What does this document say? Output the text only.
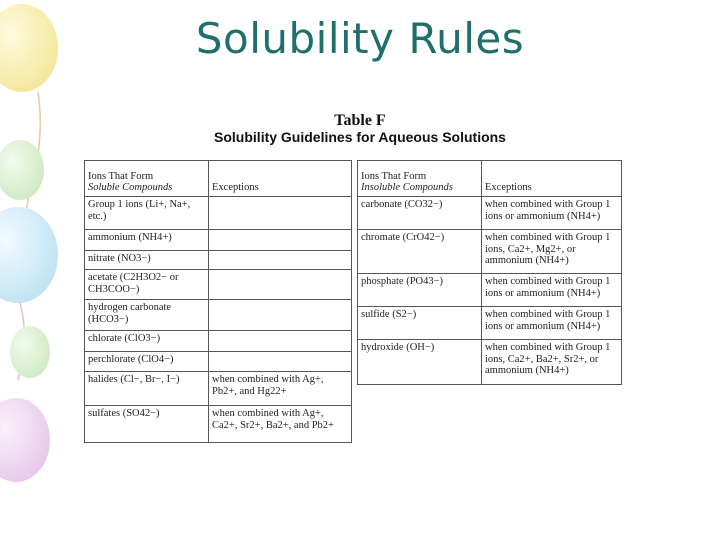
Solubility Rules
Table F
Solubility Guidelines for Aqueous Solutions
Ions That Form
Soluble Compounds	Exceptions
Group 1 ions (Li+, Na+, etc.)	
ammonium (NH4+)	
nitrate (NO3−)	
acetate (C2H3O2− or CH3COO−)	
hydrogen carbonate (HCO3−)	
chlorate (ClO3−)	
perchlorate (ClO4−)	
halides (Cl−, Br−, I−)	when combined with Ag+, Pb2+, and Hg22+
sulfates (SO42−)	when combined with Ag+, Ca2+, Sr2+, Ba2+, and Pb2+
Ions That Form
Insoluble Compounds	Exceptions
carbonate (CO32−)	when combined with Group 1 ions or ammonium (NH4+)
chromate (CrO42−)	when combined with Group 1 ions, Ca2+, Mg2+, or ammonium (NH4+)
phosphate (PO43−)	when combined with Group 1 ions or ammonium (NH4+)
sulfide (S2−)	when combined with Group 1 ions or ammonium (NH4+)
hydroxide (OH−)	when combined with Group 1 ions, Ca2+, Ba2+, Sr2+, or ammonium (NH4+)
